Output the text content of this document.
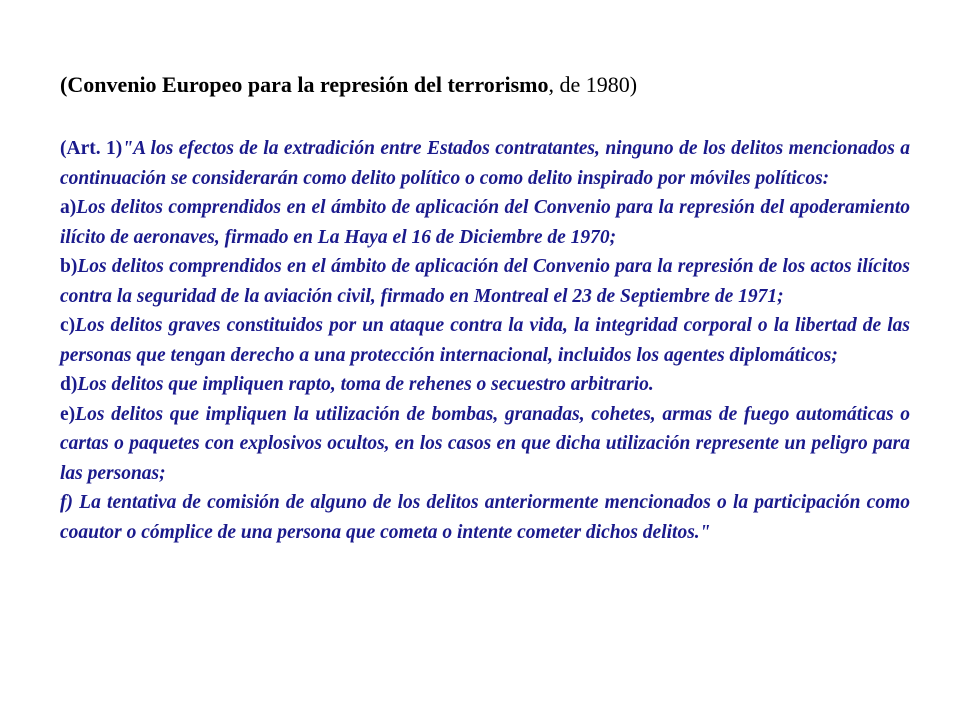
(Convenio Europeo para la represión del terrorismo, de 1980)

(Art. 1)"A los efectos de la extradición entre Estados contratantes, ninguno de los delitos mencionados a continuación se considerarán como delito político o como delito inspirado por móviles políticos:

a)Los delitos comprendidos en el ámbito de aplicación del Convenio para la represión del apoderamiento ilícito de aeronaves, firmado en La Haya el 16 de Diciembre de 1970;

b)Los delitos comprendidos en el ámbito de aplicación del Convenio para la represión de los actos ilícitos contra la seguridad de la aviación civil, firmado en Montreal el 23 de Septiembre de 1971;

c)Los delitos graves constituidos por un ataque contra la vida, la integridad corporal o la libertad de las personas que tengan derecho a una protección internacional, incluidos los agentes diplomáticos;

d)Los delitos que impliquen rapto, toma de rehenes o secuestro arbitrario.

e)Los delitos que impliquen la utilización de bombas, granadas, cohetes, armas de fuego automáticas o cartas o paquetes con explosivos ocultos, en los casos en que dicha utilización represente un peligro para las personas;

f) La tentativa de comisión de alguno de los delitos anteriormente mencionados o la participación como coautor o cómplice de una persona que cometa o intente cometer dichos delitos."
